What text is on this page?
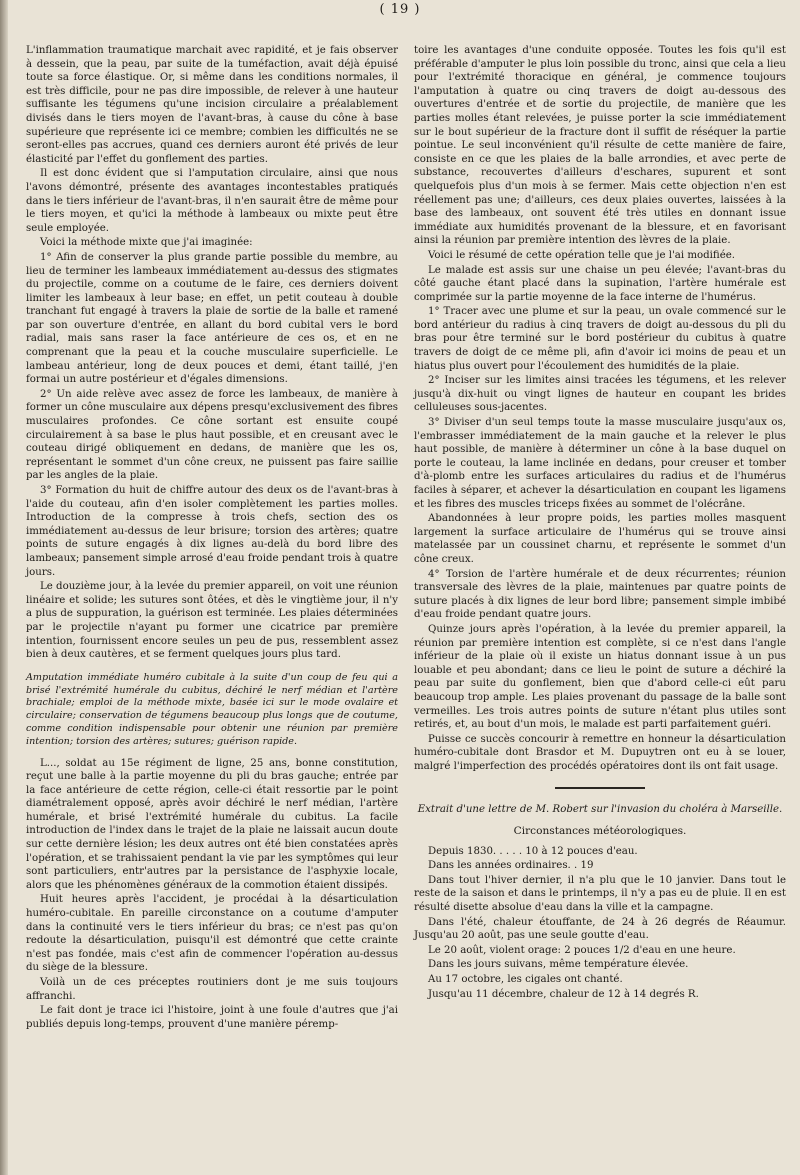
( 19 )

L'inflammation traumatique marchait avec rapidité, et je fais observer à dessein, que la peau, par suite de la tuméfaction, avait déjà épuisé toute sa force élastique. Or, si même dans les conditions normales, il est très difficile, pour ne pas dire impossible, de relever à une hauteur suffisante les tégumens qu'une incision circulaire a préalablement divisés dans le tiers moyen de l'avant-bras, à cause du cône à base supérieure que représente ici ce membre; combien les difficultés ne se seront-elles pas accrues, quand ces derniers auront été privés de leur élasticité par l'effet du gonflement des parties.

Il est donc évident que si l'amputation circulaire, ainsi que nous l'avons démontré, présente des avantages incontestables pratiqués dans le tiers inférieur de l'avant-bras, il n'en saurait être de même pour le tiers moyen, et qu'ici la méthode à lambeaux ou mixte peut être seule employée.

Voici la méthode mixte que j'ai imaginée:

1° Afin de conserver la plus grande partie possible du membre, au lieu de terminer les lambeaux immédiatement au-dessus des stigmates du projectile, comme on a coutume de le faire, ces derniers doivent limiter les lambeaux à leur base; en effet, un petit couteau à double tranchant fut engagé à travers la plaie de sortie de la balle et ramené par son ouverture d'entrée, en allant du bord cubital vers le bord radial, mais sans raser la face antérieure de ces os, et en ne comprenant que la peau et la couche musculaire superficielle. Le lambeau antérieur, long de deux pouces et demi, étant taillé, j'en formai un autre postérieur et d'égales dimensions.

2° Un aide relève avec assez de force les lambeaux, de manière à former un cône musculaire aux dépens presqu'exclusivement des fibres musculaires profondes. Ce cône sortant est ensuite coupé circulairement à sa base le plus haut possible, et en creusant avec le couteau dirigé obliquement en dedans, de manière que les os, représentant le sommet d'un cône creux, ne puissent pas faire saillie par les angles de la plaie.

3° Formation du huit de chiffre autour des deux os de l'avant-bras à l'aide du couteau, afin d'en isoler complètement les parties molles. Introduction de la compresse à trois chefs, section des os immédiatement au-dessus de leur brisure; torsion des artères; quatre points de suture engagés à dix lignes au-delà du bord libre des lambeaux; pansement simple arrosé d'eau froide pendant trois à quatre jours.

Le douzième jour, à la levée du premier appareil, on voit une réunion linéaire et solide; les sutures sont ôtées, et dès le vingtième jour, il n'y a plus de suppuration, la guérison est terminée. Les plaies déterminées par le projectile n'ayant pu former une cicatrice par première intention, fournissent encore seules un peu de pus, ressemblent assez bien à deux cautères, et se ferment quelques jours plus tard.

Amputation immédiate huméro cubitale à la suite d'un coup de feu qui a brisé l'extrémité humérale du cubitus, déchiré le nerf médian et l'artère brachiale; emploi de la méthode mixte, basée ici sur le mode ovalaire et circulaire; conservation de tégumens beaucoup plus longs que de coutume, comme condition indispensable pour obtenir une réunion par première intention; torsion des artères; sutures; guérison rapide.

L..., soldat au 15e régiment de ligne, 25 ans, bonne constitution, reçut une balle à la partie moyenne du pli du bras gauche; entrée par la face antérieure de cette région, celle-ci était ressortie par le point diamétralement opposé, après avoir déchiré le nerf médian, l'artère humérale, et brisé l'extrémité humérale du cubitus. La facile introduction de l'index dans le trajet de la plaie ne laissait aucun doute sur cette dernière lésion; les deux autres ont été bien constatées après l'opération, et se trahissaient pendant la vie par les symptômes qui leur sont particuliers, entr'autres par la persistance de l'asphyxie locale, alors que les phénomènes généraux de la commotion étaient dissipés.

Huit heures après l'accident, je procédai à la désarticulation huméro-cubitale. En pareille circonstance on a coutume d'amputer dans la continuité vers le tiers inférieur du bras; ce n'est pas qu'on redoute la désarticulation, puisqu'il est démontré que cette crainte n'est pas fondée, mais c'est afin de commencer l'opération au-dessus du siège de la blessure.

Voilà un de ces préceptes routiniers dont je me suis toujours affranchi.

Le fait dont je trace ici l'histoire, joint à une foule d'autres que j'ai publiés depuis long-temps, prouvent d'une manière péremp-

toire les avantages d'une conduite opposée. Toutes les fois qu'il est préférable d'amputer le plus loin possible du tronc, ainsi que cela a lieu pour l'extrémité thoracique en général, je commence toujours l'amputation à quatre ou cinq travers de doigt au-dessous des ouvertures d'entrée et de sortie du projectile, de manière que les parties molles étant relevées, je puisse porter la scie immédiatement sur le bout supérieur de la fracture dont il suffit de réséquer la partie pointue. Le seul inconvénient qu'il résulte de cette manière de faire, consiste en ce que les plaies de la balle arrondies, et avec perte de substance, recouvertes d'ailleurs d'eschares, supurent et sont quelquefois plus d'un mois à se fermer. Mais cette objection n'en est réellement pas une; d'ailleurs, ces deux plaies ouvertes, laissées à la base des lambeaux, ont souvent été très utiles en donnant issue immédiate aux humidités provenant de la blessure, et en favorisant ainsi la réunion par première intention des lèvres de la plaie.

Voici le résumé de cette opération telle que je l'ai modifiée.

Le malade est assis sur une chaise un peu élevée; l'avant-bras du côté gauche étant placé dans la supination, l'artère humérale est comprimée sur la partie moyenne de la face interne de l'humérus.

1° Tracer avec une plume et sur la peau, un ovale commencé sur le bord antérieur du radius à cinq travers de doigt au-dessous du pli du bras pour être terminé sur le bord postérieur du cubitus à quatre travers de doigt de ce même pli, afin d'avoir ici moins de peau et un hiatus plus ouvert pour l'écoulement des humidités de la plaie.

2° Inciser sur les limites ainsi tracées les tégumens, et les relever jusqu'à dix-huit ou vingt lignes de hauteur en coupant les brides celluleuses sous-jacentes.

3° Diviser d'un seul temps toute la masse musculaire jusqu'aux os, l'embrasser immédiatement de la main gauche et la relever le plus haut possible, de manière à déterminer un cône à la base duquel on porte le couteau, la lame inclinée en dedans, pour creuser et tomber d'à-plomb entre les surfaces articulaires du radius et de l'humérus faciles à séparer, et achever la désarticulation en coupant les ligamens et les fibres des muscles triceps fixées au sommet de l'olécrâne.

Abandonnées à leur propre poids, les parties molles masquent largement la surface articulaire de l'humérus qui se trouve ainsi matelassée par un coussinet charnu, et représente le sommet d'un cône creux.

4° Torsion de l'artère humérale et de deux récurrentes; réunion transversale des lèvres de la plaie, maintenues par quatre points de suture placés à dix lignes de leur bord libre; pansement simple imbibé d'eau froide pendant quatre jours.

Quinze jours après l'opération, à la levée du premier appareil, la réunion par première intention est complète, si ce n'est dans l'angle inférieur de la plaie où il existe un hiatus donnant issue à un pus louable et peu abondant; dans ce lieu le point de suture a déchiré la peau par suite du gonflement, bien que d'abord celle-ci eût paru beaucoup trop ample. Les plaies provenant du passage de la balle sont vermeilles. Les trois autres points de suture n'étant plus utiles sont retirés, et, au bout d'un mois, le malade est parti parfaitement guéri.

Puisse ce succès concourir à remettre en honneur la désarticulation huméro-cubitale dont Brasdor et M. Dupuytren ont eu à se louer, malgré l'imperfection des procédés opératoires dont ils ont fait usage.

Extrait d'une lettre de M. Robert sur l'invasion du choléra à Marseille.

Circonstances météorologiques.

Depuis 1830. . . . . 10 à 12 pouces d'eau.

Dans les années ordinaires. . 19

Dans tout l'hiver dernier, il n'a plu que le 10 janvier. Dans tout le reste de la saison et dans le printemps, il n'y a pas eu de pluie. Il en est résulté disette absolue d'eau dans la ville et la campagne.

Dans l'été, chaleur étouffante, de 24 à 26 degrés de Réaumur. Jusqu'au 20 août, pas une seule goutte d'eau.

Le 20 août, violent orage: 2 pouces 1/2 d'eau en une heure.

Dans les jours suivans, même température élevée.

Au 17 octobre, les cigales ont chanté.

Jusqu'au 11 décembre, chaleur de 12 à 14 degrés R.
